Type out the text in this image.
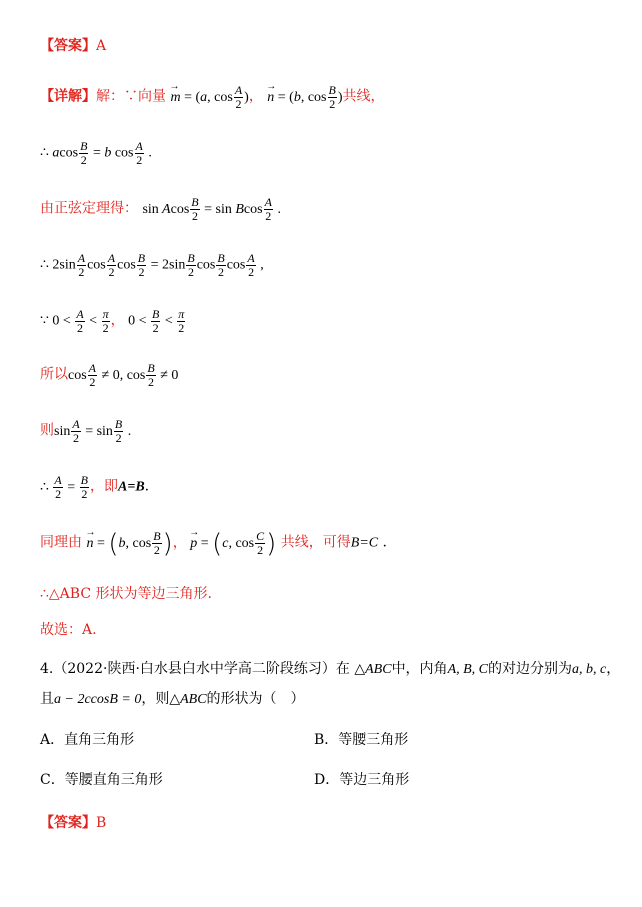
【答案】A
【详解】解：∵向量 → m = (a, $\cos \frac{A}{2}$ )， → n = (b, $\cos \frac{B}{2}$ )共线，
∴ acos $\frac{B}{2} = b$ $\cos \frac{A}{2}$ .
由正弦定理得： sin Acos $\frac{B}{2} = \sin Bcos \frac{A}{2}$ .
∴ $2\sin \frac{A}{2}$ $\cos \frac{A}{2}$ $\cos \frac{B}{2} = 2\sin \frac{B}{2}$ $\cos \frac{B}{2}$ $\cos \frac{A}{2}$ ,
∵ $0 < \frac{A}{2} < \frac{\pi}{2}$ ， $0 < \frac{B}{2} < \frac{\pi}{2}$
所以$\cos \frac{A}{2} \ne 0$, $\cos \frac{B}{2} \ne 0$
则$\sin \frac{A}{2} = \sin \frac{B}{2}$ .
∴ $\frac{A}{2} = \frac{B}{2}$ ，即A=B.
同理由 → n = (b, $\cos \frac{B}{2}$ )， → p = (c, $\cos \frac{C}{2}$ ) 共线，可得B=C .
∴△ABC 形状为等边三角形.
故选：A.
4.（2022·陕西·白水县白水中学高二阶段练习）在 △ABC中，内角A, B, C的对边分别为a, b, c，
且a − 2ccosB = 0，则△ABC的形状为（　）
A．直角三角形	B．等腰三角形
C．等腰直角三角形	D．等边三角形
【答案】B
